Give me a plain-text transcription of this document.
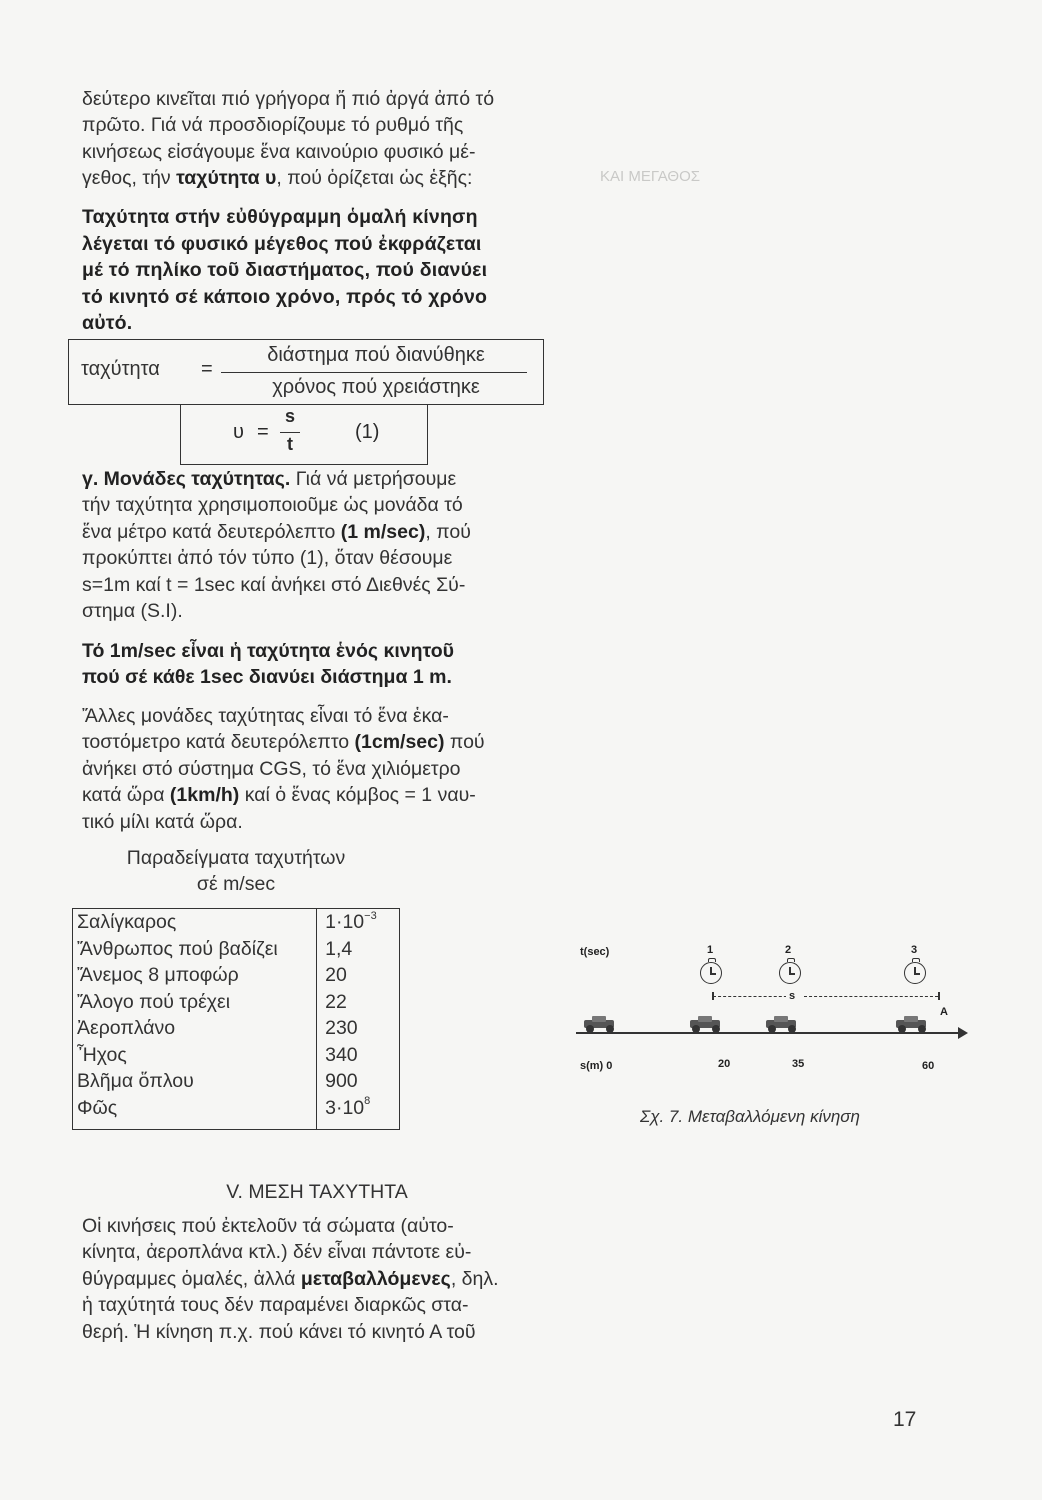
ΚΑΙ ΜΕΓΑΘΟΣ
δεύτερο κινεῖται πιό γρήγορα ἤ πιό ἀργά ἀπό τό
πρῶτο. Γιά νά προσδιορίζουμε τό ρυθμό τῆς
κινήσεως εἰσάγουμε ἕνα καινούριο φυσικό μέ-
γεθος, τήν ταχύτητα υ, πού ὁρίζεται ὡς ἑξῆς:
Ταχύτητα στήν εὐθύγραμμη ὁμαλή κίνηση
λέγεται τό φυσικό μέγεθος πού ἐκφράζεται
μέ τό πηλίκο τοῦ διαστήματος, πού διανύει
τό κινητό σέ κάποιο χρόνο, πρός τό χρόνο
αὐτό.
ταχύτητα =
διάστημα πού διανύθηκε
χρόνος πού χρειάστηκε
υ =
s
t
(1)
γ. Μονάδες ταχύτητας. Γιά νά μετρήσουμε
τήν ταχύτητα χρησιμοποιοῦμε ὡς μονάδα τό
ἕνα μέτρο κατά δευτερόλεπτο (1 m/sec), πού
προκύπτει ἀπό τόν τύπο (1), ὅταν θέσουμε
s=1m καί t = 1sec καί ἀνήκει στό Διεθνές Σύ-
στημα (S.I).
Τό 1m/sec εἶναι ἡ ταχύτητα ἑνός κινητοῦ
πού σέ κάθε 1sec διανύει διάστημα 1 m.
Ἄλλες μονάδες ταχύτητας εἶναι τό ἕνα ἑκα-
τοστόμετρο κατά δευτερόλεπτο (1cm/sec) πού
ἀνήκει στό σύστημα CGS, τό ἕνα χιλιόμετρο
κατά ὥρα (1km/h) καί ὁ ἕνας κόμβος = 1 ναυ-
τικό μίλι κατά ὥρα.
Παραδείγματα ταχυτήτων
σέ m/sec
Σαλίγκαρος	$1\cdot 10^{-3}$
Ἄνθρωπος πού βαδίζει	1,4
Ἄνεμος 8 μποφώρ	20
Ἄλογο πού τρέχει	22
Ἀεροπλάνο	230
Ἦχος	340
Βλῆμα ὅπλου	900
Φῶς	$3\cdot 10^8$
t(sec)	1	2	3
s
A
s(m) 0	20	35	60
Σχ. 7. Μεταβαλλόμενη κίνηση
V. ΜΕΣΗ ΤΑΧΥΤΗΤΑ
Οἱ κινήσεις πού ἐκτελοῦν τά σώματα (αὐτο-
κίνητα, ἀεροπλάνα κτλ.) δέν εἶναι πάντοτε εὐ-
θύγραμμες ὁμαλές, ἀλλά μεταβαλλόμενες, δηλ.
ἡ ταχύτητά τους δέν παραμένει διαρκῶς στα-
θερή. Ἡ κίνηση π.χ. πού κάνει τό κινητό Α τοῦ
17
